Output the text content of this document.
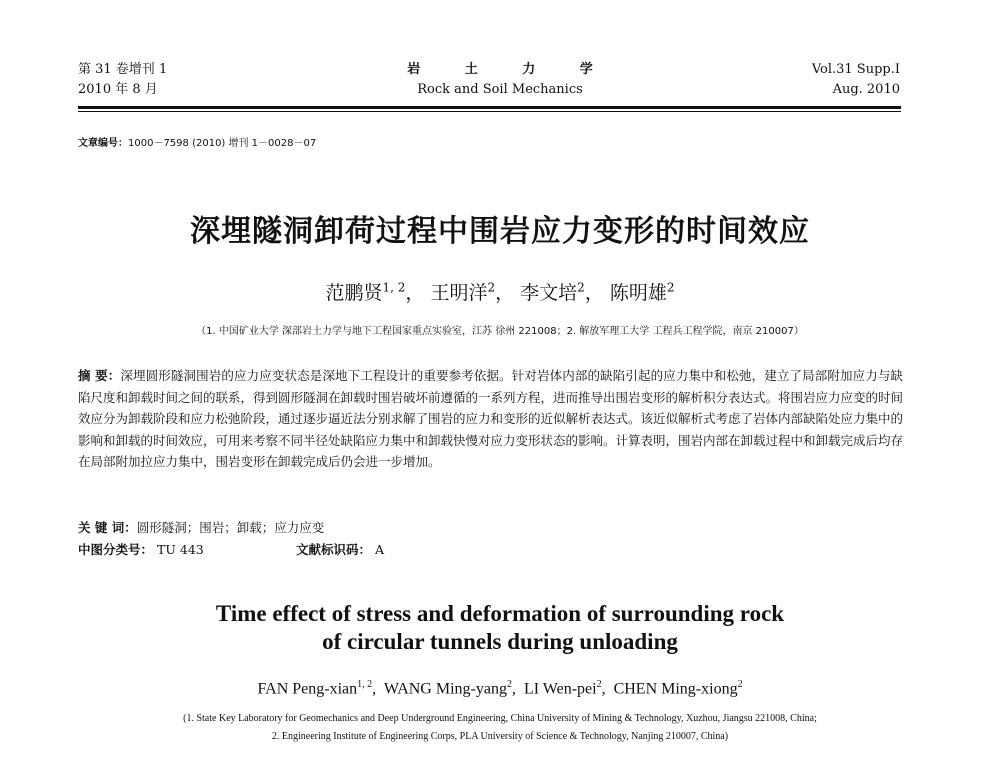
第 31 卷增刊 1
2010 年 8 月
岩 土 力 学
Rock and Soil Mechanics
Vol.31 Supp.I
Aug. 2010
文章编号：1000－7598 (2010) 增刊 1－0028－07
深埋隧洞卸荷过程中围岩应力变形的时间效应
范鹏贤$^{1, 2}$， 王明洋$^2$， 李文培$^2$， 陈明雄$^2$
（1. 中国矿业大学 深部岩土力学与地下工程国家重点实验室，江苏 徐州 221008；2. 解放军理工大学 工程兵工程学院，南京 210007）
摘 要：深埋圆形隧洞围岩的应力应变状态是深地下工程设计的重要参考依据。针对岩体内部的缺陷引起的应力集中和松弛，建立了局部附加应力与缺陷尺度和卸载时间之间的联系，得到圆形隧洞在卸载时围岩破坏前遵循的一系列方程，进而推导出围岩变形的解析积分表达式。将围岩应力应变的时间效应分为卸载阶段和应力松弛阶段，通过逐步逼近法分别求解了围岩的应力和变形的近似解析表达式。该近似解析式考虑了岩体内部缺陷处应力集中的影响和卸载的时间效应，可用来考察不同半径处缺陷应力集中和卸载快慢对应力变形状态的影响。计算表明，围岩内部在卸载过程中和卸载完成后均存在局部附加拉应力集中，围岩变形在卸载完成后仍会进一步增加。
关 键 词：圆形隧洞；围岩；卸载；应力应变
中图分类号： TU 443	文献标识码： A
Time effect of stress and deformation of surrounding rock
of circular tunnels during unloading
FAN Peng-xian$^{1, 2}$,  WANG Ming-yang$^2$,  LI Wen-pei$^2$,  CHEN Ming-xiong$^2$
(1. State Key Laboratory for Geomechanics and Deep Underground Engineering, China University of Mining & Technology, Xuzhou, Jiangsu 221008, China;
2. Engineering Institute of Engineering Corps, PLA University of Science & Technology, Nanjing 210007, China)
